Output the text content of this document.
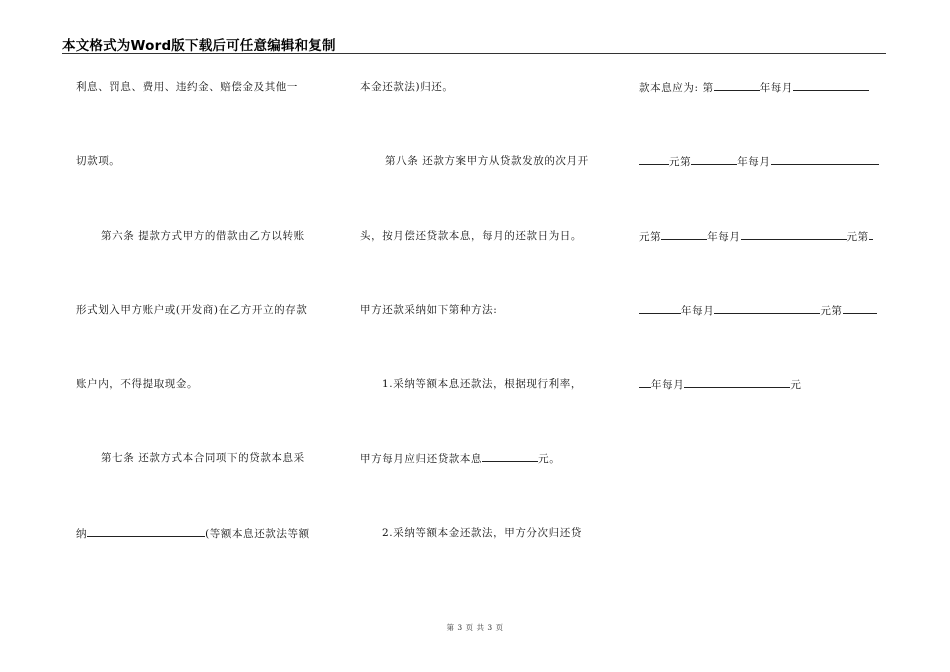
本文格式为Word版下载后可任意编辑和复制
利息、罚息、费用、违约金、赔偿金及其他一
切款项。
第六条 提款方式甲方的借款由乙方以转账
形式划入甲方账户或(开发商)在乙方开立的存款
账户内，不得提取现金。
第七条 还款方式本合同项下的贷款本息采
纳	(等额本息还款法等额
本金还款法)归还。
第八条 还款方案甲方从贷款发放的次月开
头，按月偿还贷款本息，每月的还款日为日。
甲方还款采纳如下第种方法:
1.采纳等额本息还款法，根据现行利率，
甲方每月应归还贷款本息	元。
2.采纳等额本金还款法，甲方分次归还贷
款本息应为: 第	年每月
元第	年每月
元第	年每月	元第
年每月	元第
年每月	元
第 3 页 共 3 页
